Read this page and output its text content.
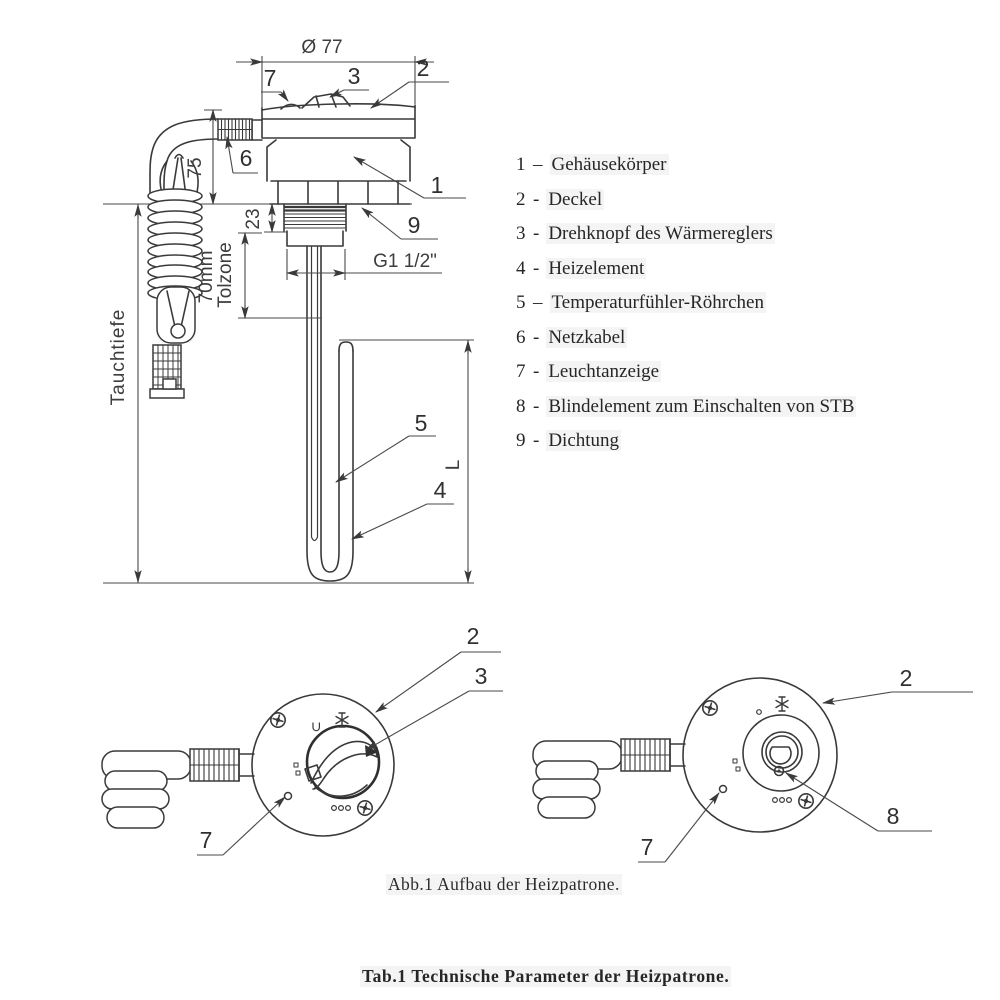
Ø 77
75
23
70mm
Tolzone
Tauchtiefe
L
G1 1/2"
7	3 2
6
1
9
5
4
2
3
7
2
8
7
1 – Gehäusekörper
2 - Deckel
3 - Drehknopf des Wärmereglers
4 - Heizelement
5 – Temperaturfühler-Röhrchen
6 - Netzkabel
7 - Leuchtanzeige
8 - Blindelement zum Einschalten von STB
9 - Dichtung
Abb.1 Aufbau der Heizpatrone.
Tab.1 Technische Parameter der Heizpatrone.
